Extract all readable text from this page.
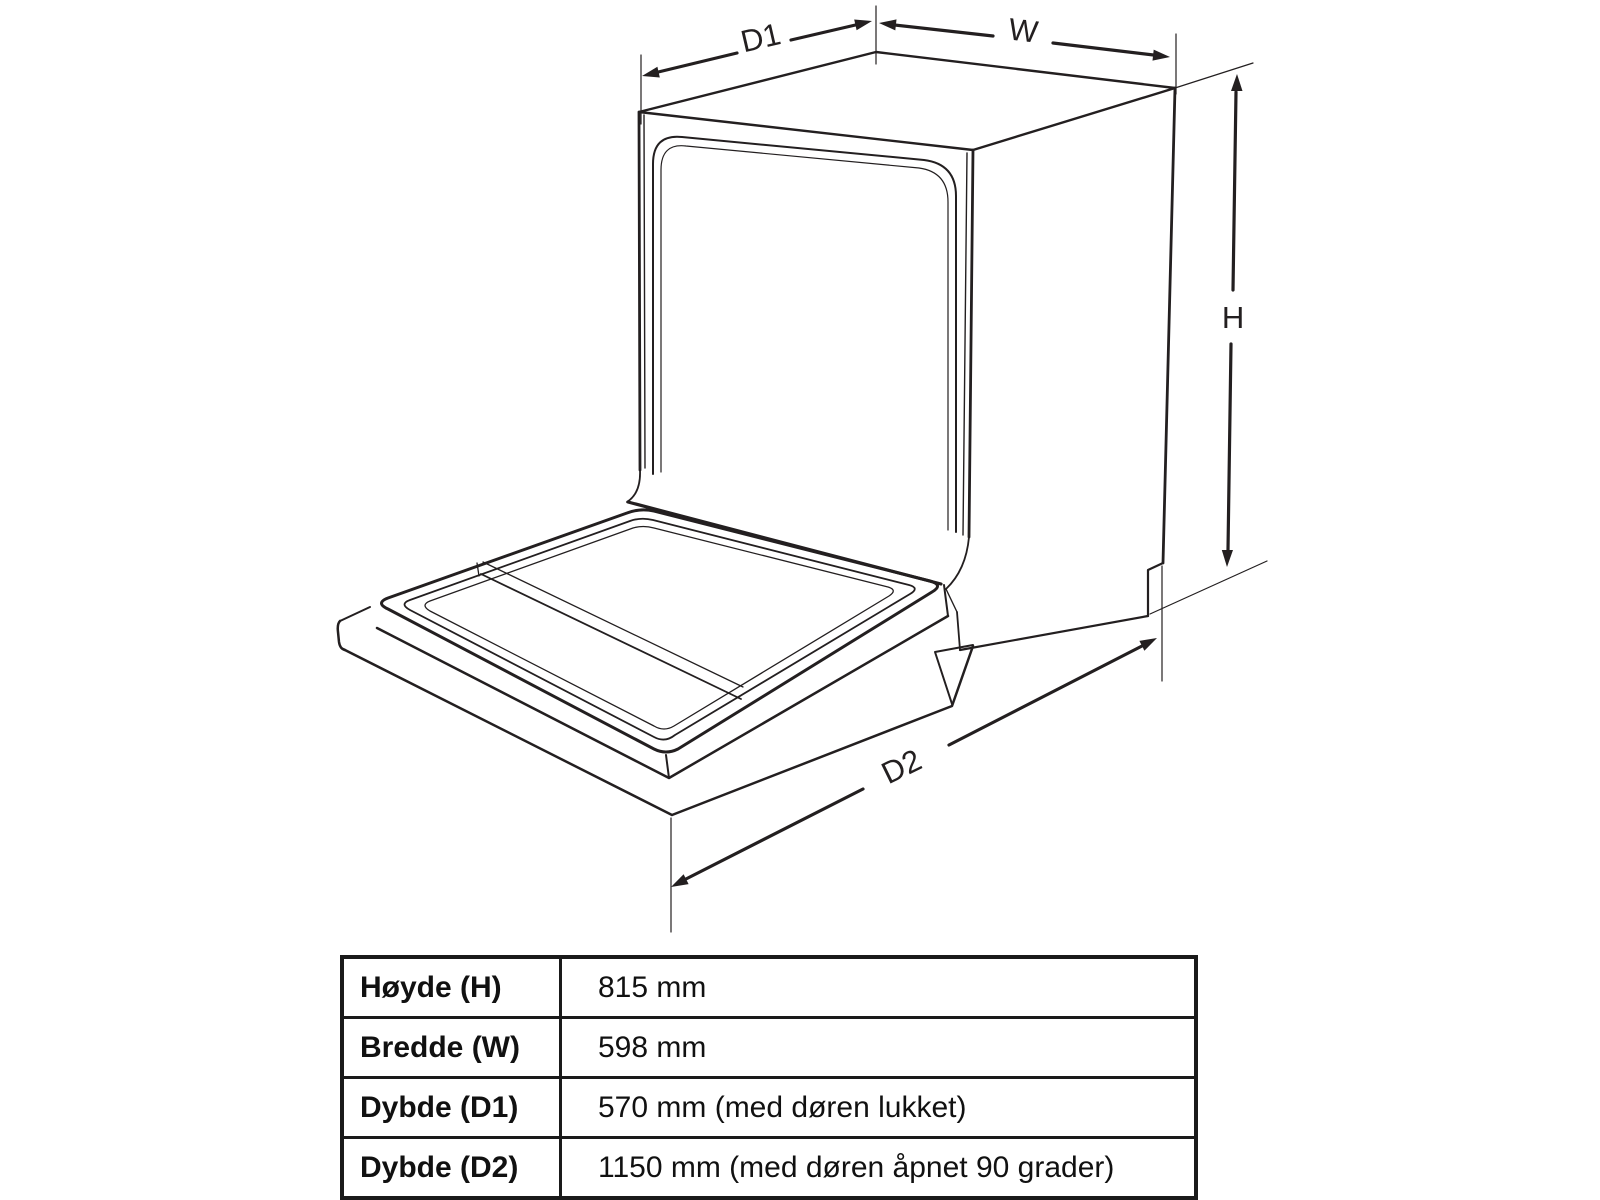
D1	W
H
D2
Høyde (H)	815 mm
Bredde (W)	598 mm
Dybde (D1)	570 mm (med døren lukket)
Dybde (D2)	1150 mm (med døren åpnet 90 grader)
